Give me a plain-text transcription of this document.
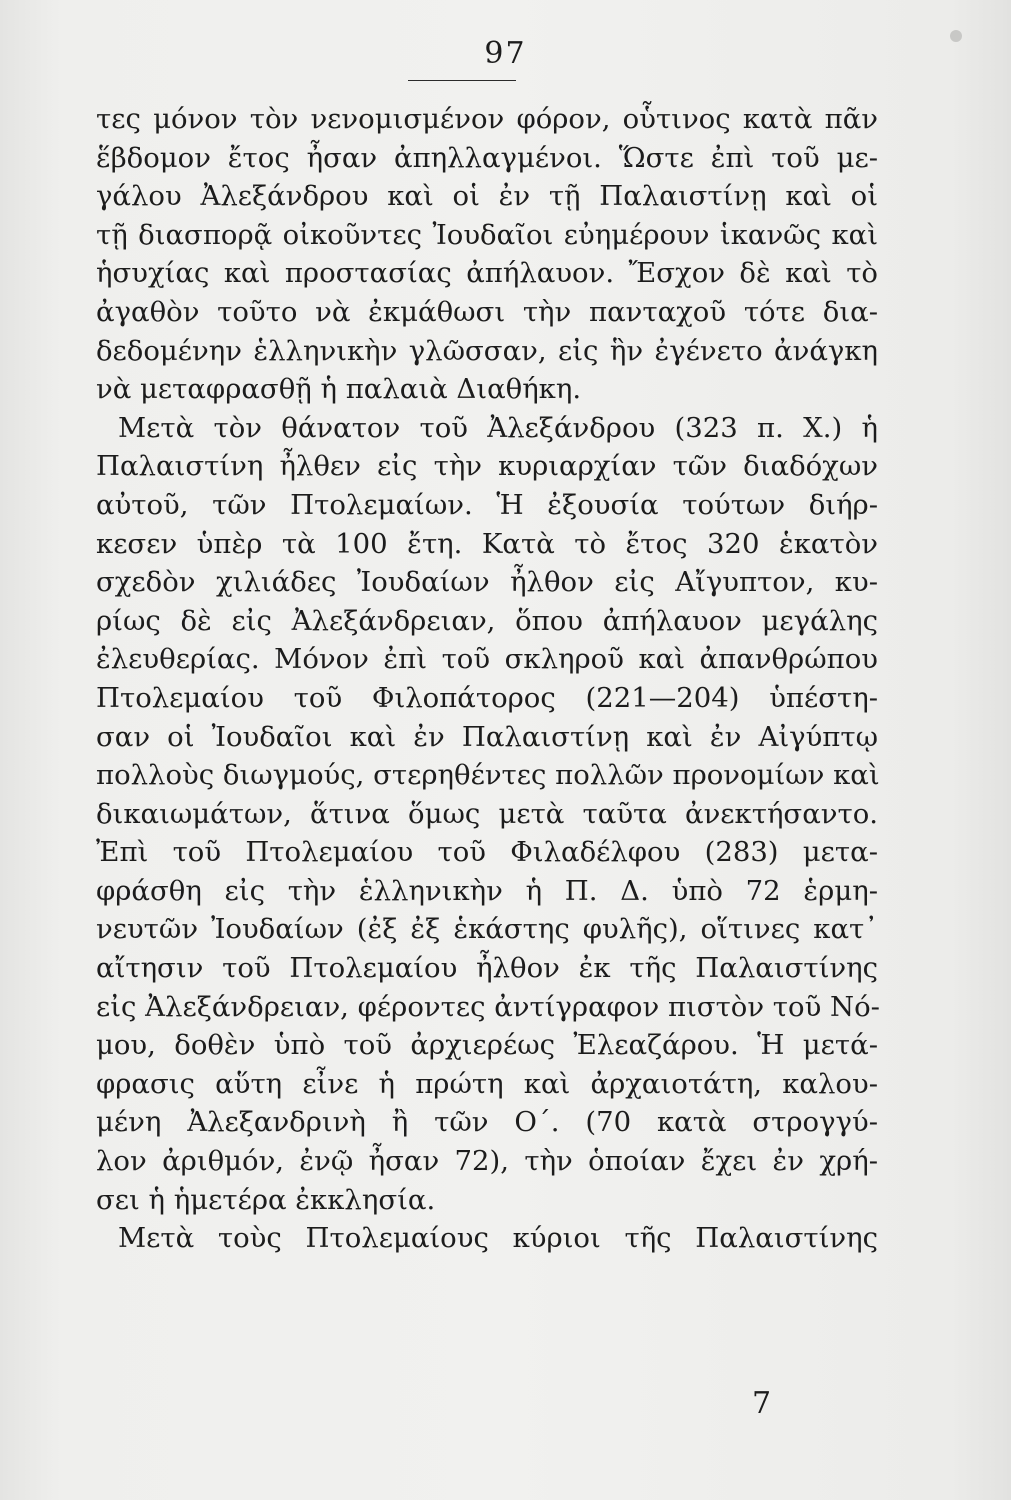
97
τες μόνον τὸν νενομισμένον φόρον, οὗτινος κατὰ πᾶν
ἕβδομον ἔτος ἦσαν ἀπηλλαγμένοι. Ὥστε ἐπὶ τοῦ με-
γάλου Ἀλεξάνδρου καὶ οἱ ἐν τῇ Παλαιστίνῃ καὶ οἱ
τῇ διασπορᾷ οἰκοῦντες Ἰουδαῖοι εὐημέρουν ἱκανῶς καὶ
ἡσυχίας καὶ προστασίας ἀπήλαυον. Ἔσχον δὲ καὶ τὸ
ἀγαθὸν τοῦτο νὰ ἐκμάθωσι τὴν πανταχοῦ τότε δια-
δεδομένην ἑλληνικὴν γλῶσσαν, εἰς ἣν ἐγένετο ἀνάγκη
νὰ μεταφρασθῇ ἡ παλαιὰ Διαθήκη.
Μετὰ τὸν θάνατον τοῦ Ἀλεξάνδρου (323 π. Χ.) ἡ
Παλαιστίνη ἦλθεν εἰς τὴν κυριαρχίαν τῶν διαδόχων
αὐτοῦ, τῶν Πτολεμαίων. Ἡ ἐξουσία τούτων διήρ-
κεσεν ὑπὲρ τὰ 100 ἔτη. Κατὰ τὸ ἔτος 320 ἑκατὸν
σχεδὸν χιλιάδες Ἰουδαίων ἦλθον εἰς Αἴγυπτον, κυ-
ρίως δὲ εἰς Ἀλεξάνδρειαν, ὅπου ἀπήλαυον μεγάλης
ἐλευθερίας. Μόνον ἐπὶ τοῦ σκληροῦ καὶ ἀπανθρώπου
Πτολεμαίου τοῦ Φιλοπάτορος (221—204) ὑπέστη-
σαν οἱ Ἰουδαῖοι καὶ ἐν Παλαιστίνῃ καὶ ἐν Αἰγύπτῳ
πολλοὺς διωγμούς, στερηθέντες πολλῶν προνομίων καὶ
δικαιωμάτων, ἅτινα ὅμως μετὰ ταῦτα ἀνεκτήσαντο.
Ἐπὶ τοῦ Πτολεμαίου τοῦ Φιλαδέλφου (283) μετα-
φράσθη εἰς τὴν ἑλληνικὴν ἡ Π. Δ. ὑπὸ 72 ἑρμη-
νευτῶν Ἰουδαίων (ἐξ ἐξ ἑκάστης φυλῆς), οἵτινες κατ᾽
αἴτησιν τοῦ Πτολεμαίου ἦλθον ἐκ τῆς Παλαιστίνης
εἰς Ἀλεξάνδρειαν, φέροντες ἀντίγραφον πιστὸν τοῦ Νό-
μου, δοθὲν ὑπὸ τοῦ ἀρχιερέως Ἐλεαζάρου. Ἡ μετά-
φρασις αὕτη εἶνε ἡ πρώτη καὶ ἀρχαιοτάτη, καλου-
μένη Ἀλεξανδρινὴ ἢ τῶν Ο΄. (70 κατὰ στρογγύ-
λον ἀριθμόν, ἐνῷ ἦσαν 72), τὴν ὁποίαν ἔχει ἐν χρή-
σει ἡ ἡμετέρα ἐκκλησία.
Μετὰ τοὺς Πτολεμαίους κύριοι τῆς Παλαιστίνης
7
